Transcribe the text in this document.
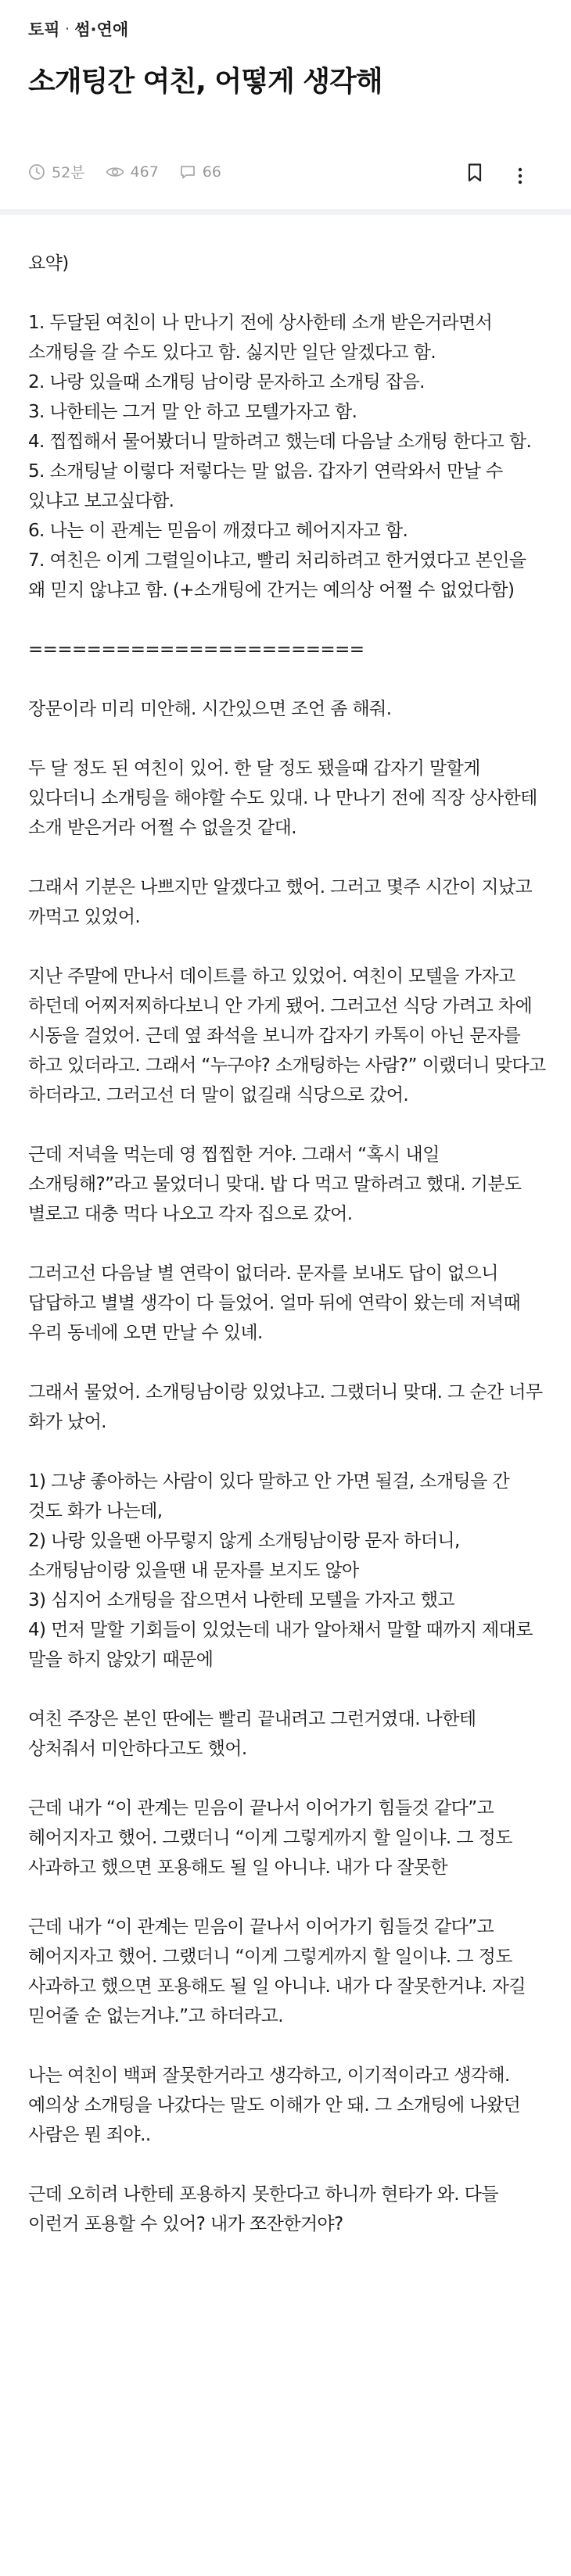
토픽 · 썸·연애
소개팅간 여친, 어떻게 생각해
52분	467	66
요약)
1. 두달된 여친이 나 만나기 전에 상사한테 소개 받은거라면서 소개팅을 갈 수도 있다고 함. 싫지만 일단 알겠다고 함.
2. 나랑 있을때 소개팅 남이랑 문자하고 소개팅 잡음.
3. 나한테는 그거 말 안 하고 모텔가자고 함.
4. 찝찝해서 물어봤더니 말하려고 했는데 다음날 소개팅 한다고 함.
5. 소개팅날 이렇다 저렇다는 말 없음. 갑자기 연락와서 만날 수 있냐고 보고싶다함.
6. 나는 이 관계는 믿음이 깨졌다고 헤어지자고 함.
7. 여친은 이게 그럴일이냐고, 빨리 처리하려고 한거였다고 본인을 왜 믿지 않냐고 함. (+소개팅에 간거는 예의상 어쩔 수 없었다함)
=======================
장문이라 미리 미안해. 시간있으면 조언 좀 해줘.
두 달 정도 된 여친이 있어. 한 달 정도 됐을때 갑자기 말할게 있다더니 소개팅을 해야할 수도 있대. 나 만나기 전에 직장 상사한테 소개 받은거라 어쩔 수 없을것 같대.
그래서 기분은 나쁘지만 알겠다고 했어. 그러고 몇주 시간이 지났고 까먹고 있었어.
지난 주말에 만나서 데이트를 하고 있었어. 여친이 모텔을 가자고 하던데 어찌저찌하다보니 안 가게 됐어. 그러고선 식당 가려고 차에 시동을 걸었어. 근데 옆 좌석을 보니까 갑자기 카톡이 아닌 문자를 하고 있더라고. 그래서 “누구야? 소개팅하는 사람?” 이랬더니 맞다고 하더라고. 그러고선 더 말이 없길래 식당으로 갔어.
근데 저녁을 먹는데 영 찝찝한 거야. 그래서 “혹시 내일 소개팅해?”라고 물었더니 맞대. 밥 다 먹고 말하려고 했대. 기분도 별로고 대충 먹다 나오고 각자 집으로 갔어.
그러고선 다음날 별 연락이 없더라. 문자를 보내도 답이 없으니 답답하고 별별 생각이 다 들었어. 얼마 뒤에 연락이 왔는데 저녁때 우리 동네에 오면 만날 수 있녜.
그래서 물었어. 소개팅남이랑 있었냐고. 그랬더니 맞대. 그 순간 너무 화가 났어.
1) 그냥 좋아하는 사람이 있다 말하고 안 가면 될걸, 소개팅을 간 것도 화가 나는데,
2) 나랑 있을땐 아무렇지 않게 소개팅남이랑 문자 하더니, 소개팅남이랑 있을땐 내 문자를 보지도 않아
3) 심지어 소개팅을 잡으면서 나한테 모텔을 가자고 했고
4) 먼저 말할 기회들이 있었는데 내가 알아채서 말할 때까지 제대로 말을 하지 않았기 때문에
여친 주장은 본인 딴에는 빨리 끝내려고 그런거였대. 나한테 상처줘서 미안하다고도 했어.
근데 내가 “이 관계는 믿음이 끝나서 이어가기 힘들것 같다”고 헤어지자고 했어. 그랬더니 “이게 그렇게까지 할 일이냐. 그 정도 사과하고 했으면 포용해도 될 일 아니냐. 내가 다 잘못한
근데 내가 “이 관계는 믿음이 끝나서 이어가기 힘들것 같다”고 헤어지자고 했어. 그랬더니 “이게 그렇게까지 할 일이냐. 그 정도 사과하고 했으면 포용해도 될 일 아니냐. 내가 다 잘못한거냐. 자길 믿어줄 순 없는거냐.”고 하더라고.
나는 여친이 백퍼 잘못한거라고 생각하고, 이기적이라고 생각해. 예의상 소개팅을 나갔다는 말도 이해가 안 돼. 그 소개팅에 나왔던 사람은 뭔 죄야..
근데 오히려 나한테 포용하지 못한다고 하니까 현타가 와. 다들 이런거 포용할 수 있어? 내가 쪼잔한거야?
